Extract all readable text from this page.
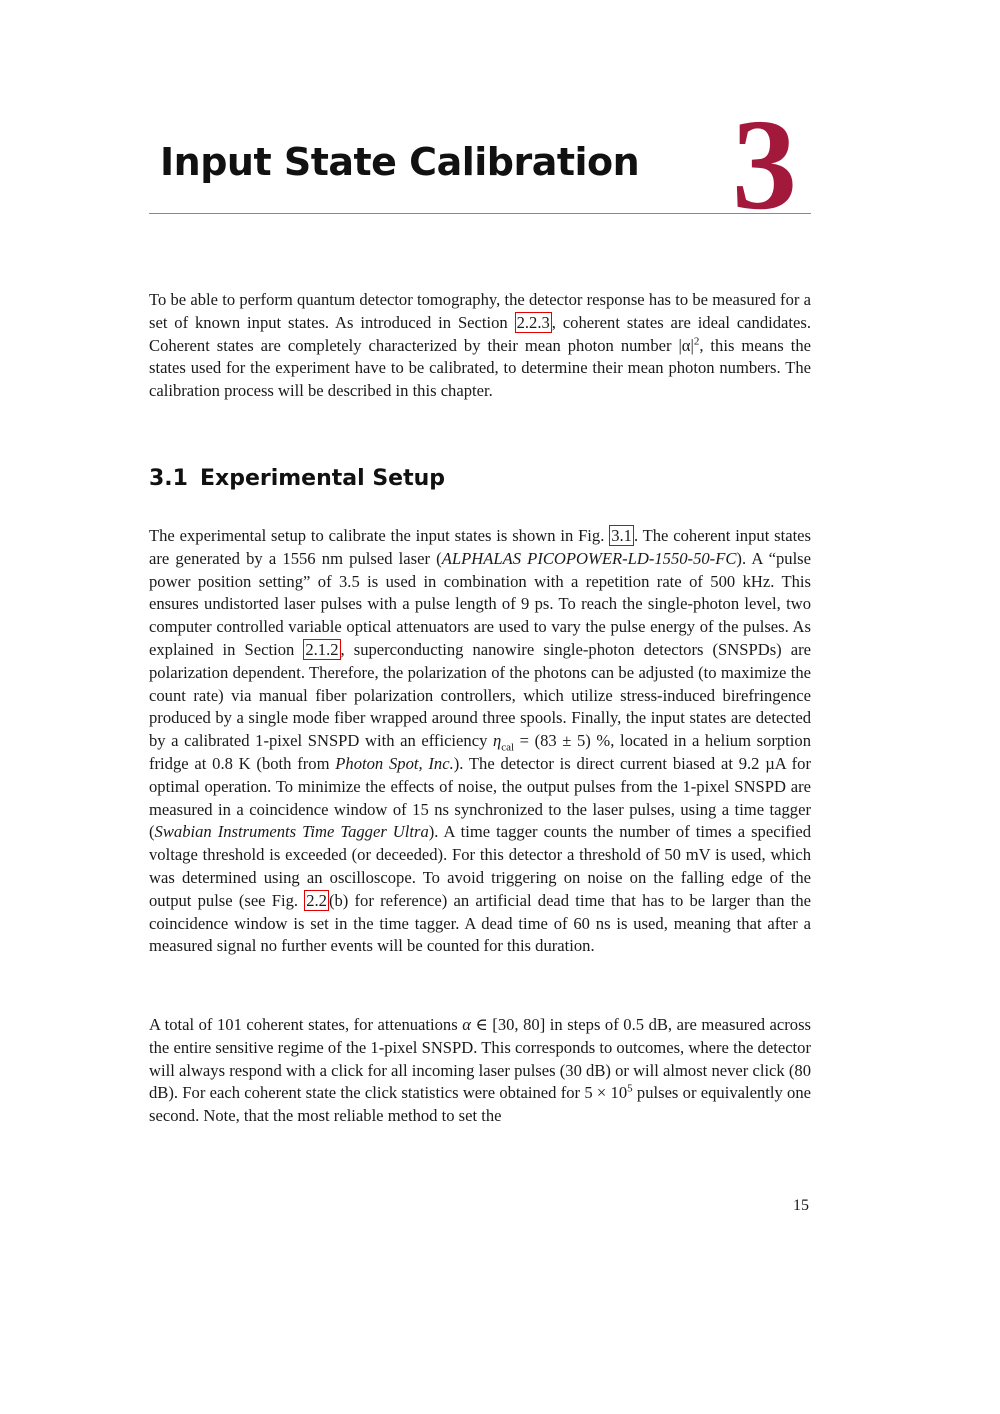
Input State Calibration 3

To be able to perform quantum detector tomography, the detector response has to be measured for a set of known input states. As introduced in Section 2.2.3 , coherent states are ideal candidates. Coherent states are completely characterized by their mean photon number $|\alpha|^2$, this means the states used for the experiment have to be calibrated, to determine their mean photon numbers. The calibration process will be described in this chapter.

3.1 Experimental Setup

The experimental setup to calibrate the input states is shown in Fig. 3.1 . The coherent input states are generated by a 1556 nm pulsed laser (ALPHALAS PICOPOWER-LD-1550-50-FC). A “pulse power position setting” of 3.5 is used in combination with a repetition rate of 500 kHz. This ensures undistorted laser pulses with a pulse length of 9 ps. To reach the single-photon level, two computer controlled variable optical attenuators are used to vary the pulse energy of the pulses. As explained in Section 2.1.2 , superconducting nanowire single-photon detectors (SNSPDs) are polarization dependent. Therefore, the polarization of the photons can be adjusted (to maximize the count rate) via manual fiber polarization controllers, which utilize stress-induced birefringence produced by a single mode fiber wrapped around three spools. Finally, the input states are detected by a calibrated 1-pixel SNSPD with an efficiency $\eta_{cal} = (83 \pm 5)$ %, located in a helium sorption fridge at 0.8 K (both from Photon Spot, Inc.). The detector is direct current biased at 9.2 µA for optimal operation. To minimize the effects of noise, the output pulses from the 1-pixel SNSPD are measured in a coincidence window of 15 ns synchronized to the laser pulses, using a time tagger (Swabian Instruments Time Tagger Ultra). A time tagger counts the number of times a specified voltage threshold is exceeded (or deceeded). For this detector a threshold of 50 mV is used, which was determined using an oscilloscope. To avoid triggering on noise on the falling edge of the output pulse (see Fig. 2.2 (b) for reference) an artificial dead time that has to be larger than the coincidence window is set in the time tagger. A dead time of 60 ns is used, meaning that after a measured signal no further events will be counted for this duration.

A total of 101 coherent states, for attenuations α ∈ [30, 80] in steps of 0.5 dB, are measured across the entire sensitive regime of the 1-pixel SNSPD. This corresponds to outcomes, where the detector will always respond with a click for all incoming laser pulses (30 dB) or will almost never click (80 dB). For each coherent state the click statistics were obtained for $5 \times 10^5$ pulses or equivalently one second. Note, that the most reliable method to set the

15
